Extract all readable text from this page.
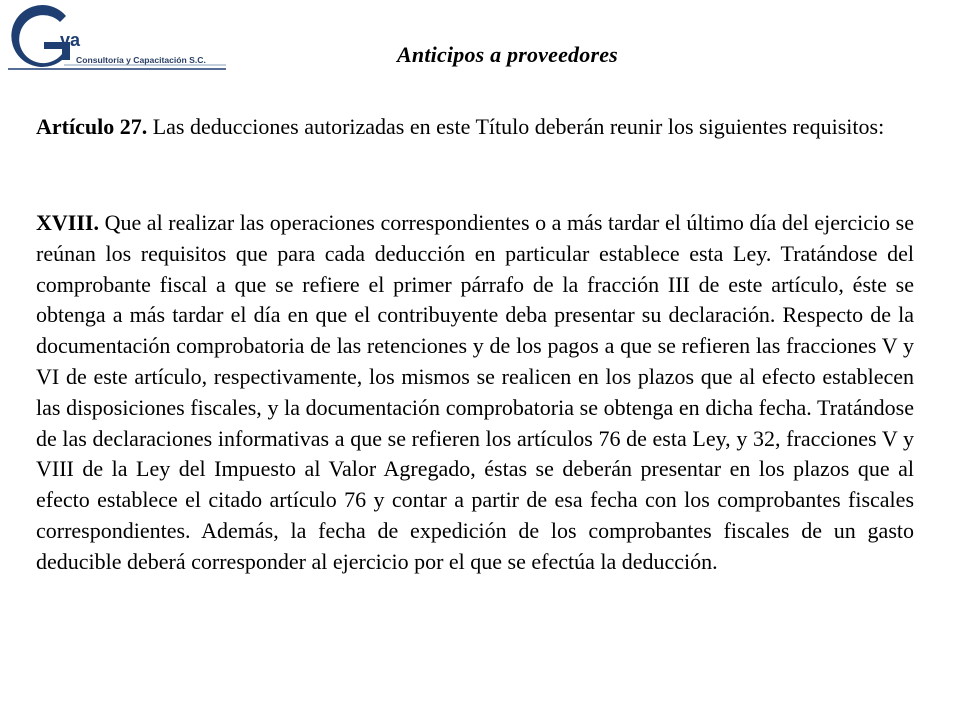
va
Consultoría y Capacitación S.C.	Anticipos a proveedores
Artículo 27. Las deducciones autorizadas en este Título deberán reunir los siguientes requisitos:
XVIII. Que al realizar las operaciones correspondientes o a más tardar el último día del ejercicio se reúnan los requisitos que para cada deducción en particular establece esta Ley. Tratándose del comprobante fiscal a que se refiere el primer párrafo de la fracción III de este artículo, éste se obtenga a más tardar el día en que el contribuyente deba presentar su declaración. Respecto de la documentación comprobatoria de las retenciones y de los pagos a que se refieren las fracciones V y VI de este artículo, respectivamente, los mismos se realicen en los plazos que al efecto establecen las disposiciones fiscales, y la documentación comprobatoria se obtenga en dicha fecha. Tratándose de las declaraciones informativas a que se refieren los artículos 76 de esta Ley, y 32, fracciones V y VIII de la Ley del Impuesto al Valor Agregado, éstas se deberán presentar en los plazos que al efecto establece el citado artículo 76 y contar a partir de esa fecha con los comprobantes fiscales correspondientes. Además, la fecha de expedición de los comprobantes fiscales de un gasto deducible deberá corresponder al ejercicio por el que se efectúa la deducción.
